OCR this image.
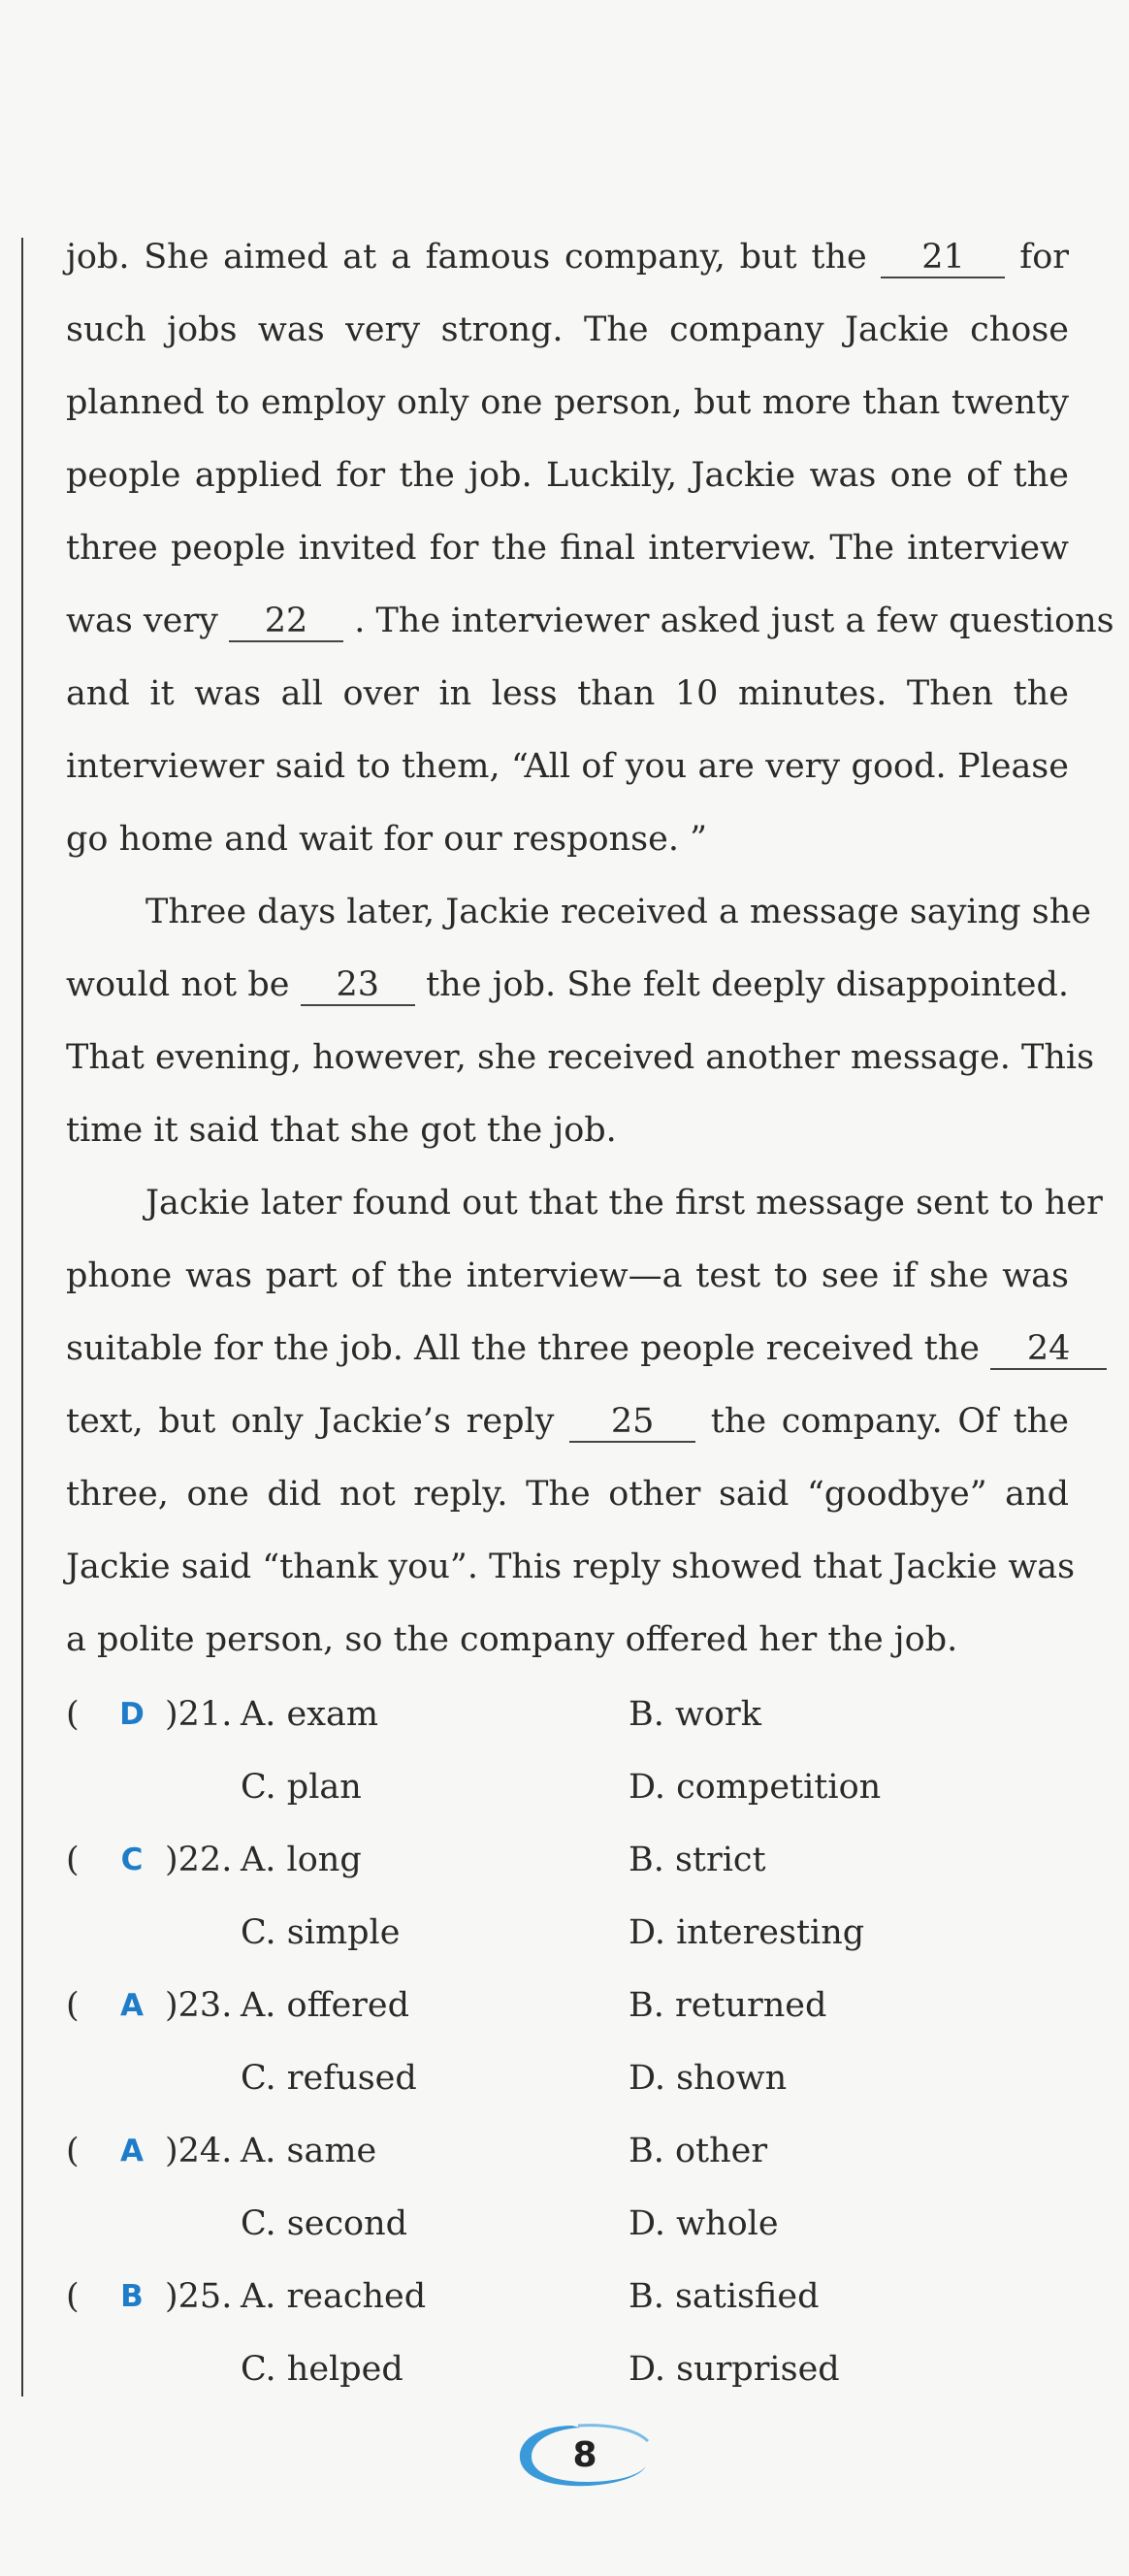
job. She aimed at a famous company, but the 21 for
such jobs was very strong. The company Jackie chose
planned to employ only one person, but more than twenty
people applied for the job. Luckily, Jackie was one of the
three people invited for the final interview. The interview
was very 22 . The interviewer asked just a few questions
and it was all over in less than 10 minutes. Then the
interviewer said to them, “All of you are very good. Please
go home and wait for our response. ”
Three days later, Jackie received a message saying she
would not be 23 the job. She felt deeply disappointed.
That evening, however, she received another message. This
time it said that she got the job.
Jackie later found out that the first message sent to her
phone was part of the interview—a test to see if she was
suitable for the job. All the three people received the 24
text, but only Jackie’s reply 25 the company. Of the
three, one did not reply. The other said “goodbye” and
Jackie said “thank you”. This reply showed that Jackie was
a polite person, so the company offered her the job.
( D )21. A. exam	B. work
C. plan	D. competition
( C )22. A. long	B. strict
C. simple	D. interesting
( A )23. A. offered	B. returned
C. refused	D. shown
( A )24. A. same	B. other
C. second	D. whole
( B )25. A. reached	B. satisfied
C. helped	D. surprised
8
